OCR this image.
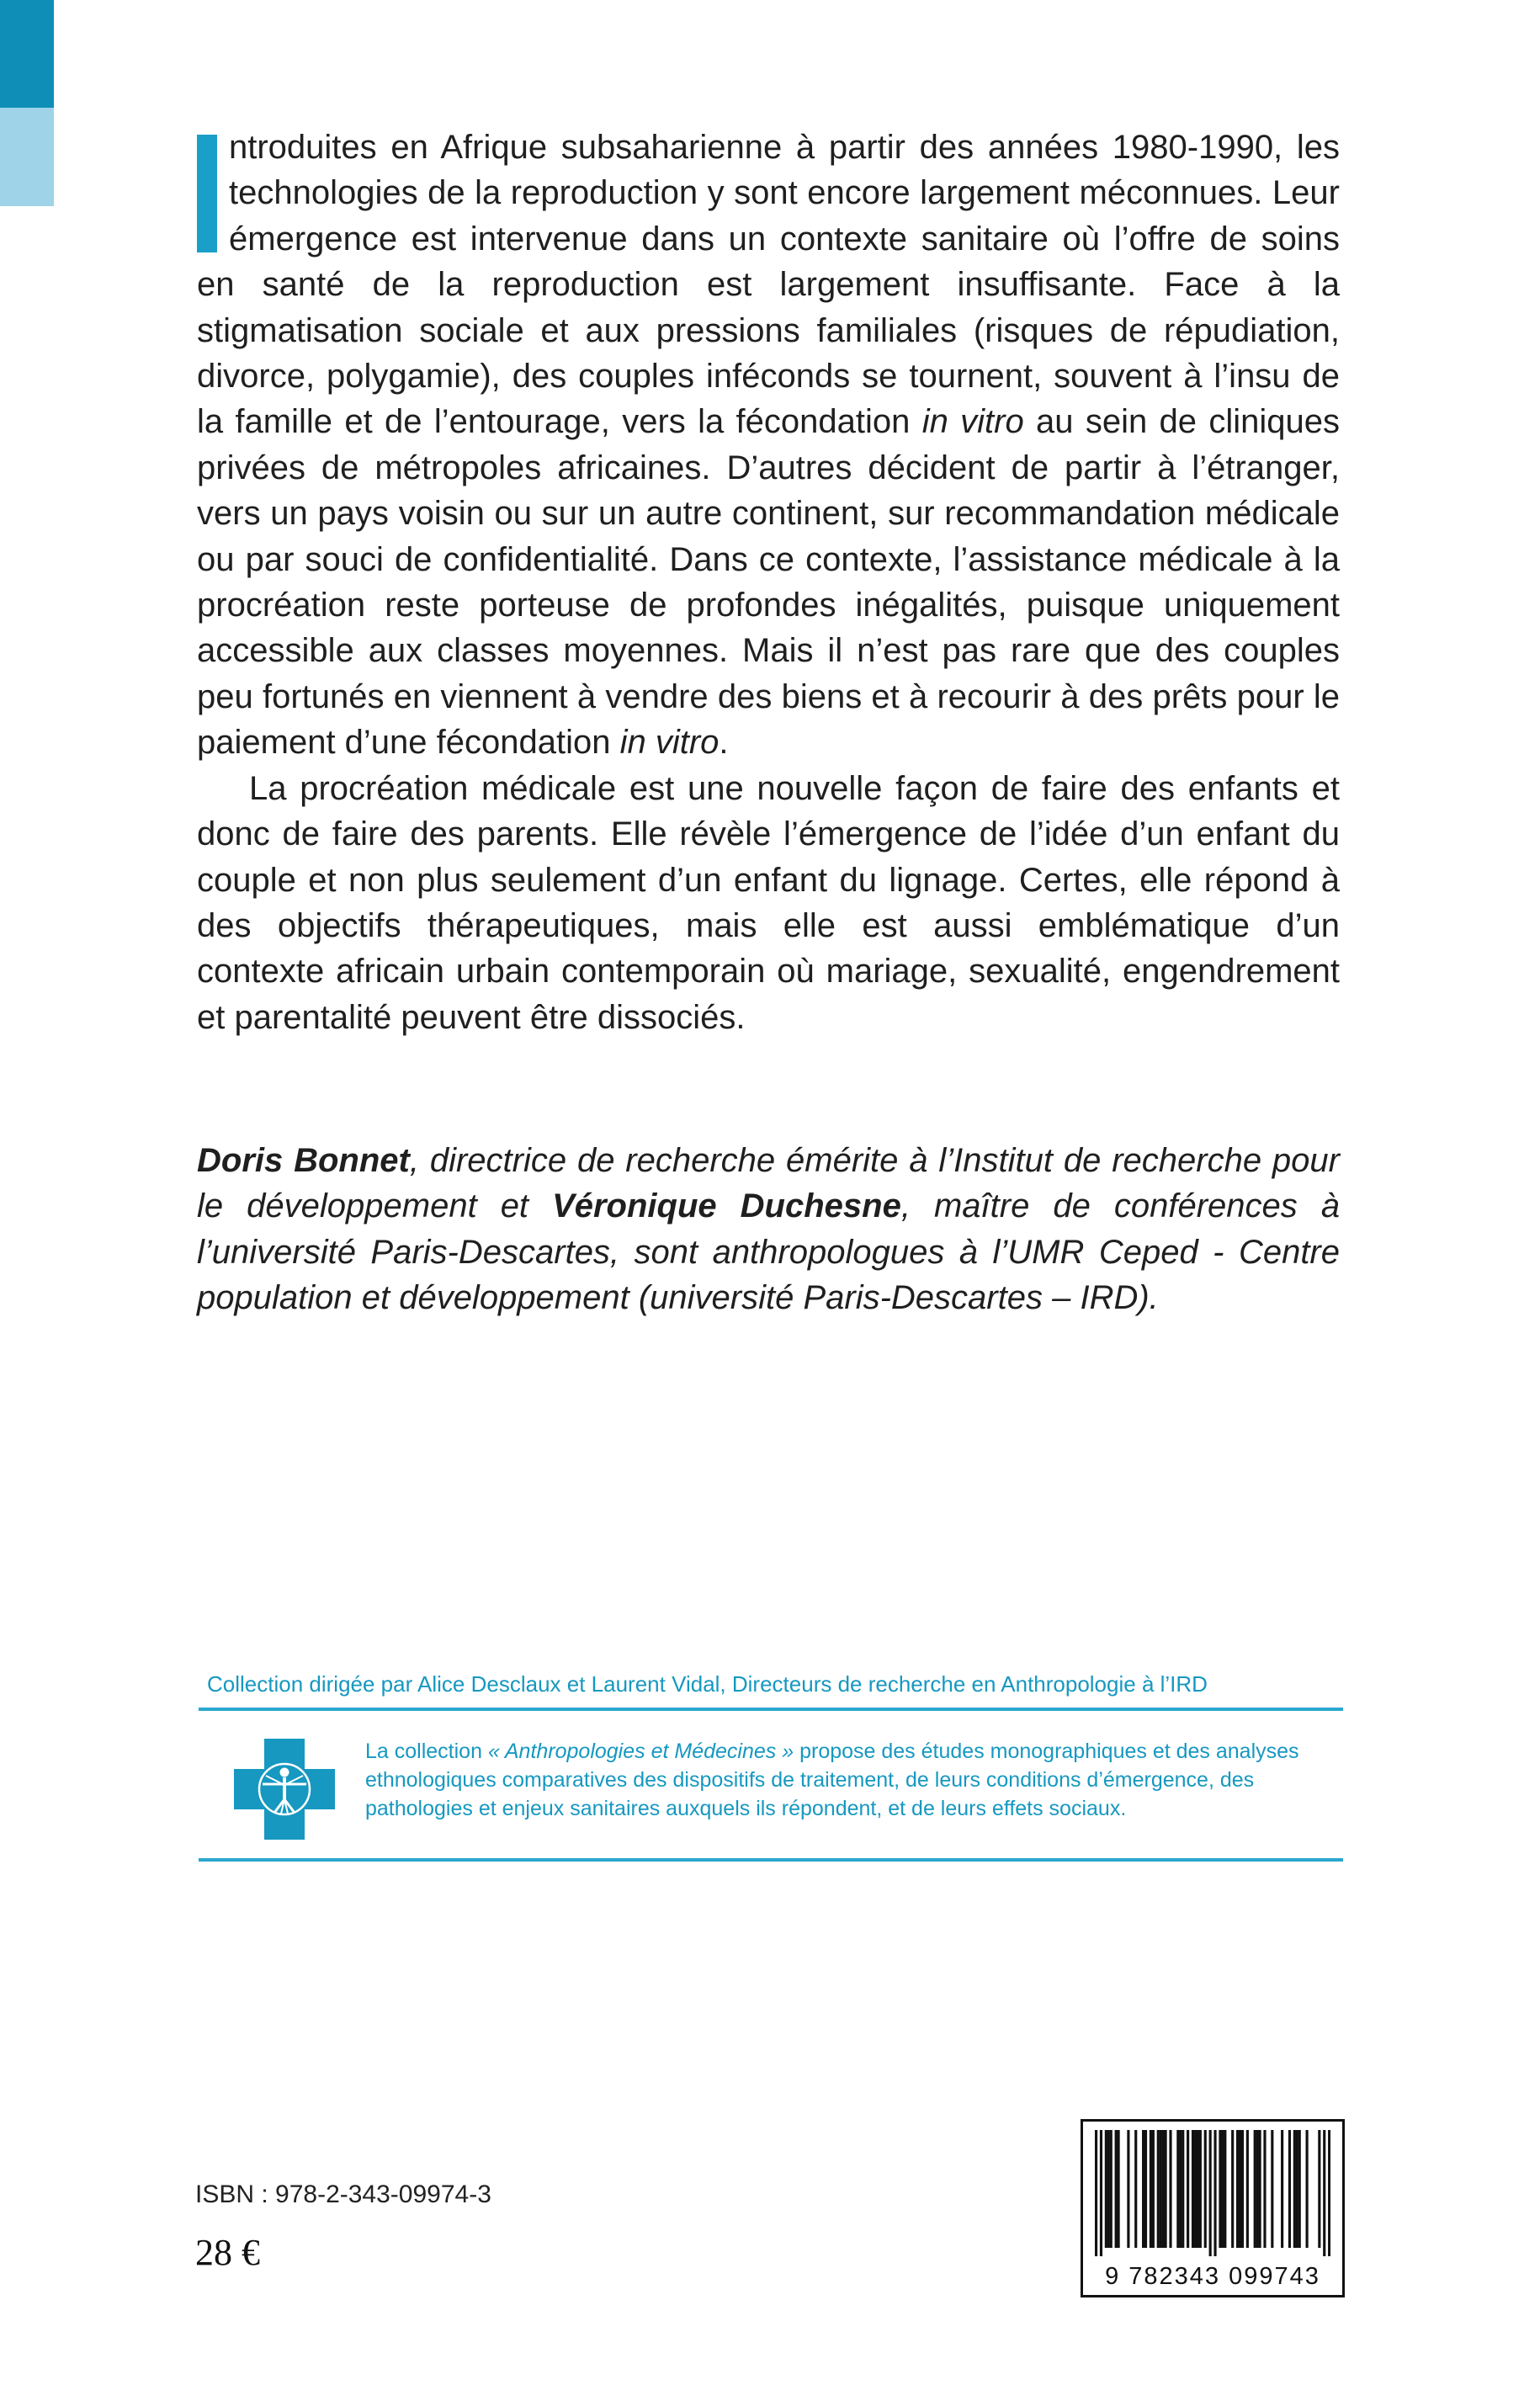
ntroduites en Afrique subsaharienne à partir des années 1980-1990, les technologies de la reproduction y sont encore largement méconnues. Leur émergence est intervenue dans un contexte sanitaire où l’offre de soins en santé de la reproduction est largement insuffisante. Face à la stigmatisation sociale et aux pressions familiales (risques de répudiation, divorce, polygamie), des couples inféconds se tournent, souvent à l’insu de la famille et de l’entourage, vers la fécondation in vitro au sein de cliniques privées de métropoles africaines. D’autres décident de partir à l’étranger, vers un pays voisin ou sur un autre continent, sur recommandation médicale ou par souci de confidentialité. Dans ce contexte, l’assistance médicale à la procréation reste porteuse de profondes inégalités, puisque uniquement accessible aux classes moyennes. Mais il n’est pas rare que des couples peu fortunés en viennent à vendre des biens et à recourir à des prêts pour le paiement d’une fécondation in vitro.

La procréation médicale est une nouvelle façon de faire des enfants et donc de faire des parents. Elle révèle l’émergence de l’idée d’un enfant du couple et non plus seulement d’un enfant du lignage. Certes, elle répond à des objectifs thérapeutiques, mais elle est aussi emblématique d’un contexte africain urbain contemporain où mariage, sexualité, engendrement et parentalité peuvent être dissociés.

Doris Bonnet, directrice de recherche émérite à l’Institut de recherche pour le développement et Véronique Duchesne, maître de conférences à l’université Paris-Descartes, sont anthropologues à l’UMR Ceped - Centre population et développement (université Paris-Descartes – IRD).
Collection dirigée par Alice Desclaux et Laurent Vidal, Directeurs de recherche en Anthropologie à l’IRD
La collection « Anthropologies et Médecines » propose des études monographiques et des analyses ethnologiques comparatives des dispositifs de traitement, de leurs conditions d’émergence, des pathologies et enjeux sanitaires auxquels ils répondent, et de leurs effets sociaux.
ISBN : 978-2-343-09974-3
28 €
9 782343 099743
